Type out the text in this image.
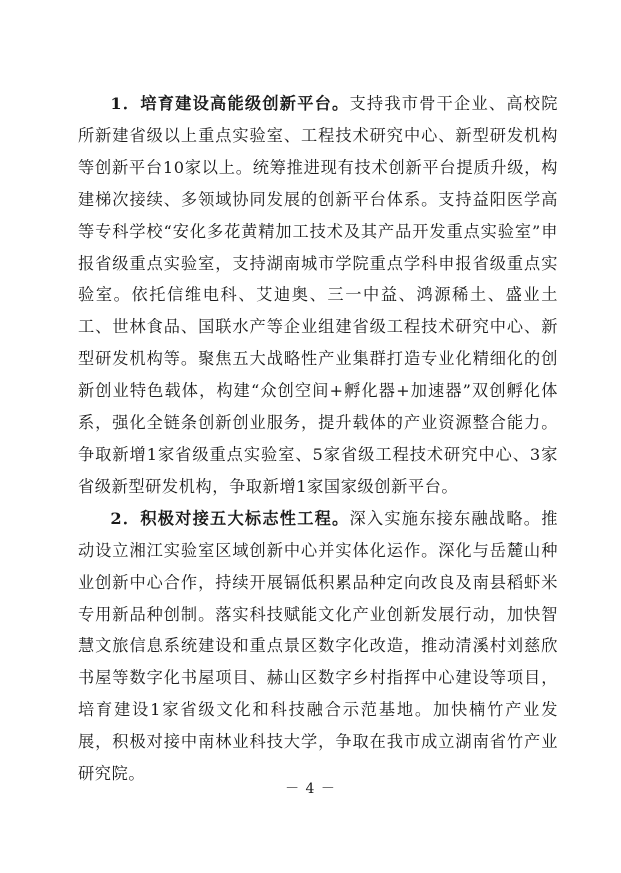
1．培育建设高能级创新平台。支持我市骨干企业、高校院所新建省级以上重点实验室、工程技术研究中心、新型研发机构等创新平台10家以上。统筹推进现有技术创新平台提质升级，构建梯次接续、多领域协同发展的创新平台体系。支持益阳医学高等专科学校“安化多花黄精加工技术及其产品开发重点实验室”申报省级重点实验室，支持湖南城市学院重点学科申报省级重点实验室。依托信维电科、艾迪奥、三一中益、鸿源稀土、盛业土工、世林食品、国联水产等企业组建省级工程技术研究中心、新型研发机构等。聚焦五大战略性产业集群打造专业化精细化的创新创业特色载体，构建“众创空间+孵化器+加速器”双创孵化体系，强化全链条创新创业服务，提升载体的产业资源整合能力。争取新增1家省级重点实验室、5家省级工程技术研究中心、3家省级新型研发机构，争取新增1家国家级创新平台。

2．积极对接五大标志性工程。深入实施东接东融战略。推动设立湘江实验室区域创新中心并实体化运作。深化与岳麓山种业创新中心合作，持续开展镉低积累品种定向改良及南县稻虾米专用新品种创制。落实科技赋能文化产业创新发展行动，加快智慧文旅信息系统建设和重点景区数字化改造，推动清溪村刘慈欣书屋等数字化书屋项目、赫山区数字乡村指挥中心建设等项目，培育建设1家省级文化和科技融合示范基地。加快楠竹产业发展，积极对接中南林业科技大学，争取在我市成立湖南省竹产业研究院。

－ 4 －
